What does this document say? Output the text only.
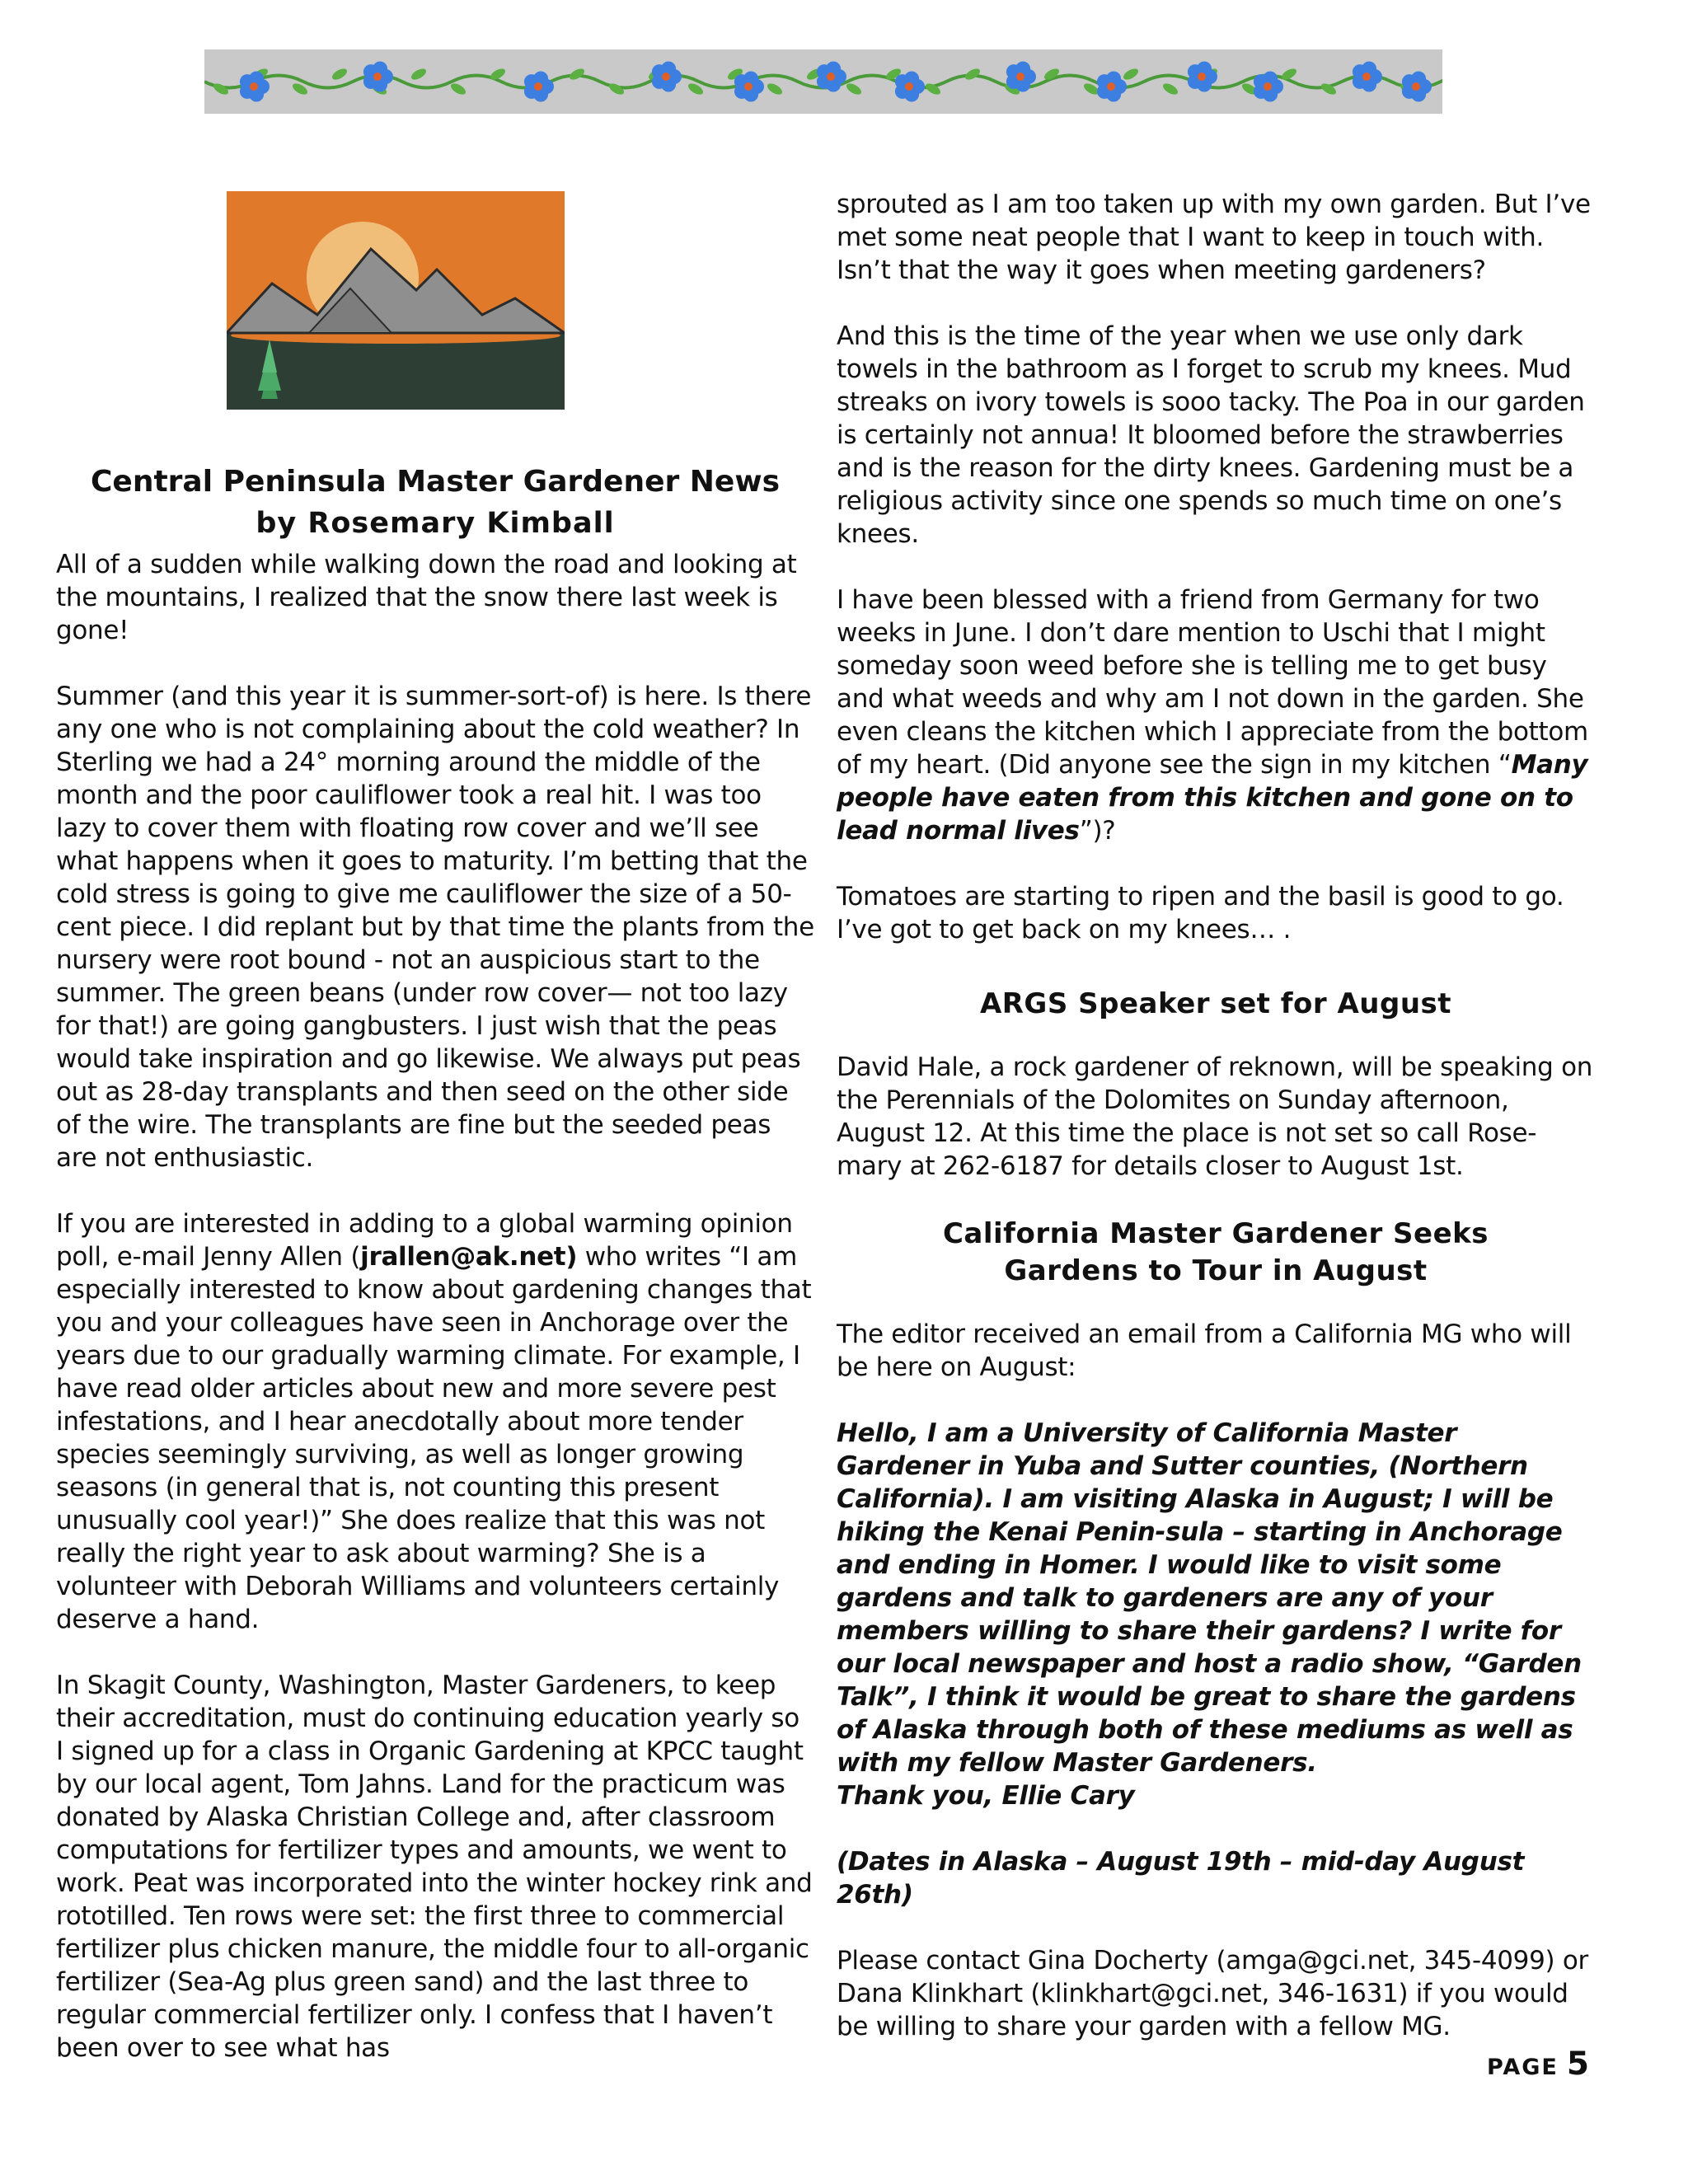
Central Peninsula Master Gardener News
by Rosemary Kimball

All of a sudden while walking down the road and looking at the mountains, I realized that the snow there last week is gone!

Summer (and this year it is summer-sort-of) is here. Is there any one who is not complaining about the cold weather? In Sterling we had a 24° morning around the middle of the month and the poor cauliflower took a real hit. I was too lazy to cover them with floating row cover and we’ll see what happens when it goes to maturity. I’m betting that the cold stress is going to give me cauliflower the size of a 50-cent piece. I did replant but by that time the plants from the nursery were root bound - not an auspicious start to the summer. The green beans (under row cover— not too lazy for that!) are going gangbusters. I just wish that the peas would take inspiration and go likewise. We always put peas out as 28-day transplants and then seed on the other side of the wire. The transplants are fine but the seeded peas are not enthusiastic.

If you are interested in adding to a global warming opinion poll, e-mail Jenny Allen (jrallen@ak.net) who writes “I am especially interested to know about gardening changes that you and your colleagues have seen in Anchorage over the years due to our gradually warming climate. For example, I have read older articles about new and more severe pest infestations, and I hear anecdotally about more tender species seemingly surviving, as well as longer growing seasons (in general that is, not counting this present unusually cool year!)” She does realize that this was not really the right year to ask about warming? She is a volunteer with Deborah Williams and volunteers certainly deserve a hand.

In Skagit County, Washington, Master Gardeners, to keep their accreditation, must do continuing education yearly so I signed up for a class in Organic Gardening at KPCC taught by our local agent, Tom Jahns. Land for the practicum was donated by Alaska Christian College and, after classroom computations for fertilizer types and amounts, we went to work. Peat was incorporated into the winter hockey rink and rototilled. Ten rows were set: the first three to commercial fertilizer plus chicken manure, the middle four to all-organic fertilizer (Sea-Ag plus green sand) and the last three to regular commercial fertilizer only. I confess that I haven’t been over to see what has

sprouted as I am too taken up with my own garden. But I’ve met some neat people that I want to keep in touch with. Isn’t that the way it goes when meeting gardeners?

And this is the time of the year when we use only dark towels in the bathroom as I forget to scrub my knees. Mud streaks on ivory towels is sooo tacky. The Poa in our garden is certainly not annua! It bloomed before the strawberries and is the reason for the dirty knees. Gardening must be a religious activity since one spends so much time on one’s knees.

I have been blessed with a friend from Germany for two weeks in June. I don’t dare mention to Uschi that I might someday soon weed before she is telling me to get busy and what weeds and why am I not down in the garden. She even cleans the kitchen which I appreciate from the bottom of my heart. (Did anyone see the sign in my kitchen “Many people have eaten from this kitchen and gone on to lead normal lives”)?

Tomatoes are starting to ripen and the basil is good to go. I’ve got to get back on my knees… .

ARGS Speaker set for August

David Hale, a rock gardener of reknown, will be speaking on the Perennials of the Dolomites on Sunday afternoon, August 12. At this time the place is not set so call Rose-mary at 262-6187 for details closer to August 1st.

California Master Gardener Seeks
Gardens to Tour in August

The editor received an email from a California MG who will be here on August:

Hello, I am a University of California Master Gardener in Yuba and Sutter counties, (Northern California). I am visiting Alaska in August; I will be hiking the Kenai Penin-sula – starting in Anchorage and ending in Homer. I would like to visit some gardens and talk to gardeners are any of your members willing to share their gardens? I write for our local newspaper and host a radio show, “Garden Talk”, I think it would be great to share the gardens of Alaska through both of these mediums as well as with my fellow Master Gardeners.
Thank you, Ellie Cary

(Dates in Alaska – August 19th – mid-day August 26th)

Please contact Gina Docherty (amga@gci.net, 345-4099) or Dana Klinkhart (klinkhart@gci.net, 346-1631) if you would be willing to share your garden with a fellow MG.

PAGE 5
